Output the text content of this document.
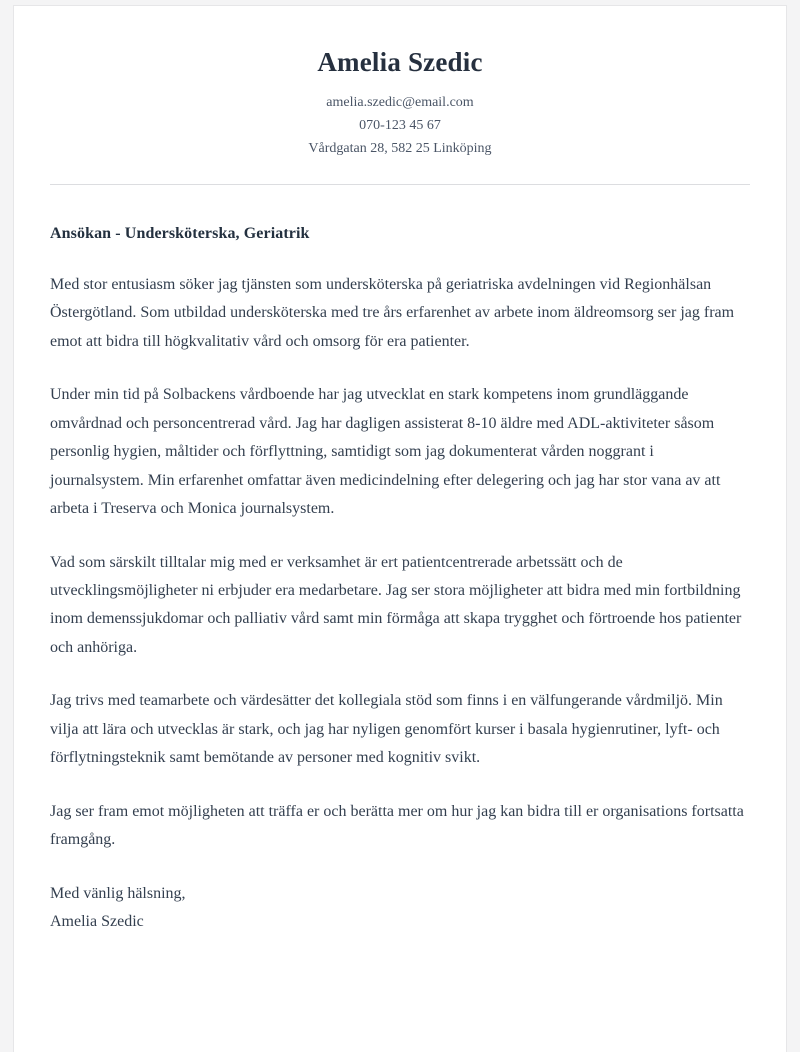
Amelia Szedic

amelia.szedic@email.com

070-123 45 67

Vårdgatan 28, 582 25 Linköping

Ansökan - Undersköterska, Geriatrik

Med stor entusiasm söker jag tjänsten som undersköterska på geriatriska avdelningen vid Regionhälsan Östergötland. Som utbildad undersköterska med tre års erfarenhet av arbete inom äldreomsorg ser jag fram emot att bidra till högkvalitativ vård och omsorg för era patienter.

Under min tid på Solbackens vårdboende har jag utvecklat en stark kompetens inom grundläggande omvårdnad och personcentrerad vård. Jag har dagligen assisterat 8-10 äldre med ADL-aktiviteter såsom personlig hygien, måltider och förflyttning, samtidigt som jag dokumenterat vården noggrant i journalsystem. Min erfarenhet omfattar även medicindelning efter delegering och jag har stor vana av att arbeta i Treserva och Monica journalsystem.

Vad som särskilt tilltalar mig med er verksamhet är ert patientcentrerade arbetssätt och de utvecklingsmöjligheter ni erbjuder era medarbetare. Jag ser stora möjligheter att bidra med min fortbildning inom demenssjukdomar och palliativ vård samt min förmåga att skapa trygghet och förtroende hos patienter och anhöriga.

Jag trivs med teamarbete och värdesätter det kollegiala stöd som finns i en välfungerande vårdmiljö. Min vilja att lära och utvecklas är stark, och jag har nyligen genomfört kurser i basala hygienrutiner, lyft- och förflytningsteknik samt bemötande av personer med kognitiv svikt.

Jag ser fram emot möjligheten att träffa er och berätta mer om hur jag kan bidra till er organisations fortsatta framgång.

Med vänlig hälsning,
Amelia Szedic
